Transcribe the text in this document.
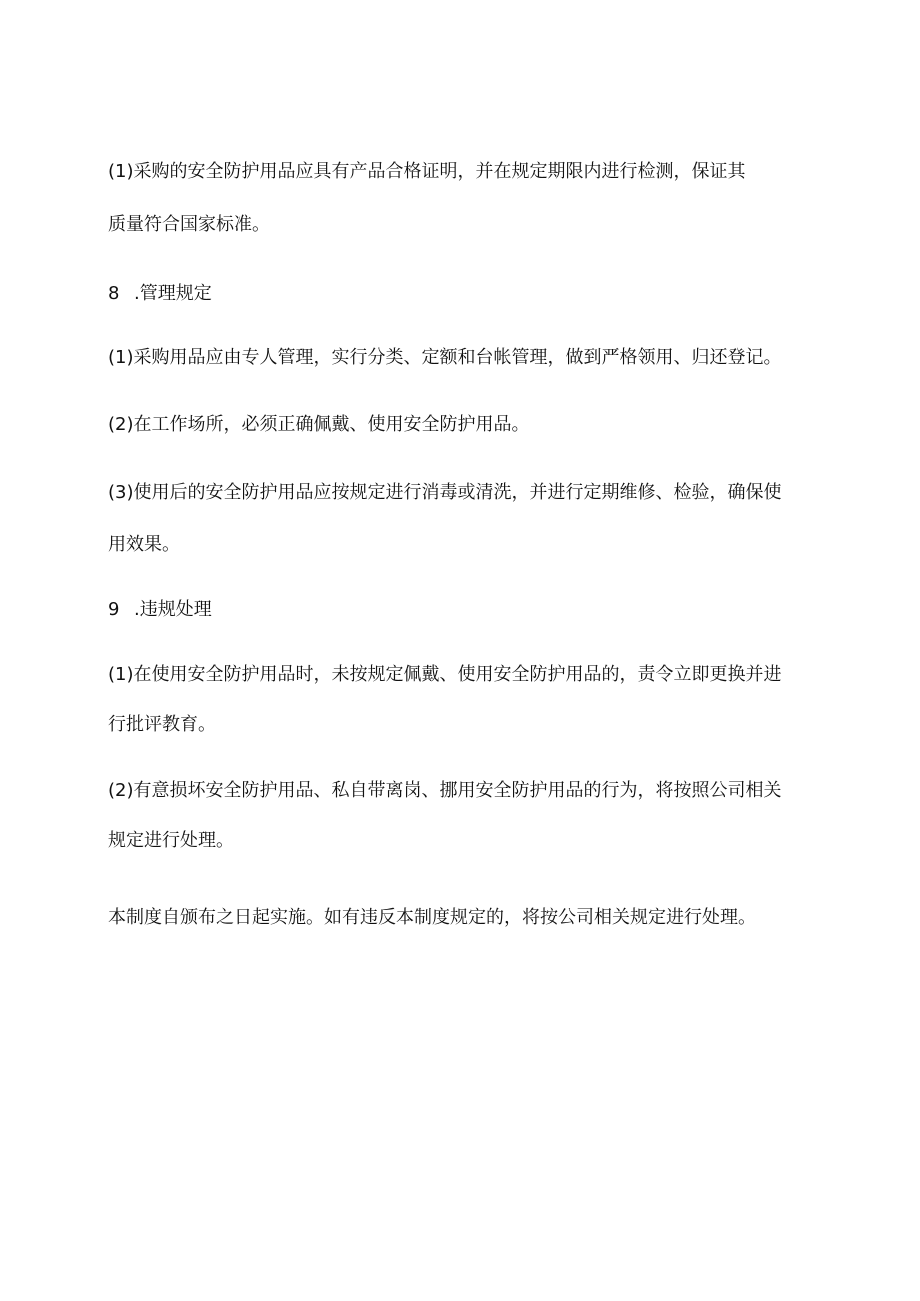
(1)采购的安全防护用品应具有产品合格证明，并在规定期限内进行检测，保证其
质量符合国家标准。
8 .管理规定
(1)采购用品应由专人管理，实行分类、定额和台帐管理，做到严格领用、归还登记。
(2)在工作场所，必须正确佩戴、使用安全防护用品。
(3)使用后的安全防护用品应按规定进行消毒或清洗，并进行定期维修、检验，确保使
用效果。
9 .违规处理
(1)在使用安全防护用品时，未按规定佩戴、使用安全防护用品的，责令立即更换并进
行批评教育。
(2)有意损坏安全防护用品、私自带离岗、挪用安全防护用品的行为，将按照公司相关
规定进行处理。
本制度自颁布之日起实施。如有违反本制度规定的，将按公司相关规定进行处理。
